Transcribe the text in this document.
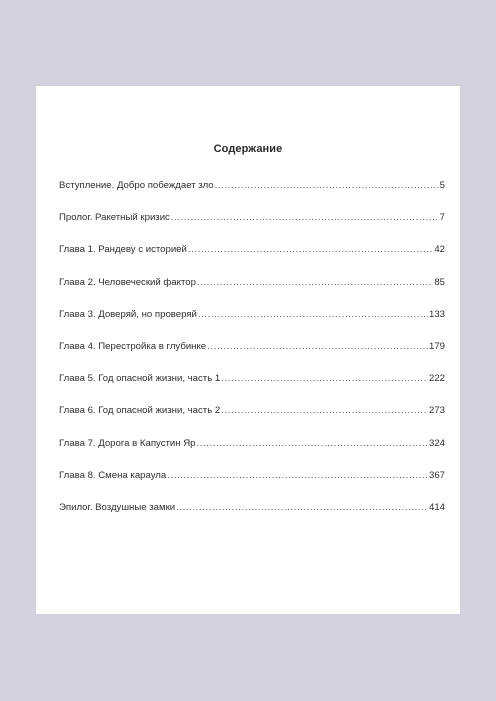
Содержание
Вступление. Добро побеждает зло .....	5
Пролог. Ракетный кризис .....	7
Глава 1. Рандеву с историей .....	42
Глава 2. Человеческий фактор .....	85
Глава 3. Доверяй, но проверяй .....	133
Глава 4. Перестройка в глубинке .....	179
Глава 5. Год опасной жизни, часть 1 .....	222
Глава 6. Год опасной жизни, часть 2 .....	273
Глава 7. Дорога в Капустин Яр .....	324
Глава 8. Смена караула .....	367
Эпилог. Воздушные замки .....	414
